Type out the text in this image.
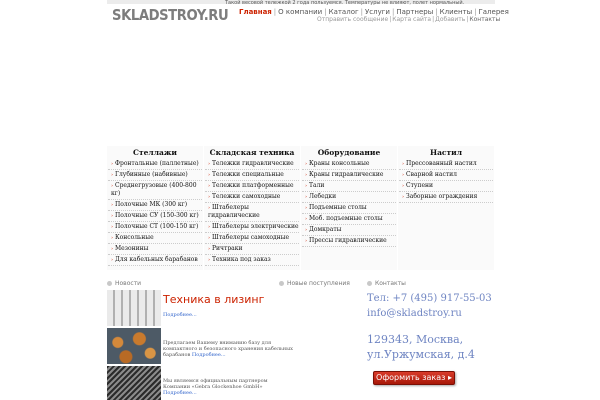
SKLADSTROY.RU
Такой весовой тележкой 2 года пользуемся. Температуры не влияют, полет нормальный.
Главная | О компании | Каталог | Услуги | Партнеры | Клиенты | Галерея
Отправить сообщение|Карта сайта|Добавить|Контакты
Стеллажи
› Фронтальные (паллетные)
› Глубинные (набивные)
› Среднегрузовые (400-800 кг)
› Полочные МК (300 кг)
› Полочные СУ (150-300 кг)
› Полочные СТ (100-150 кг)
› Консольные
› Мезонины
› Для кабельных барабанов
Складская техника
› Тележки гидравлические
› Тележки специальные
› Тележки платформенные
› Тележки самоходные
› Штабелеры гидравлические
› Штабелеры электрические
› Штабелеры самоходные
› Ричтраки
› Техника под заказ
Оборудование
› Краны консольные
› Краны гидравлические
› Тали
› Лебедки
› Подъемные столы
› Моб. подъемные столы
› Домкраты
› Прессы гидравлические
Настил
› Прессованный настил
› Сварной настил
› Ступени
› Заборные ограждения
Новости	Новые поступления	Контакты
Техника в лизинг
Подробнее...
Предлагаем Вашему вниманию базу для компактного и безопасного хранения кабельных барабанов Подробнее...
Мы являемся официальным партнером Компании «Gebra Glockenhoe GmbH» Подробнее...
Тел: +7 (495) 917-55-03
info@skladstroy.ru
129343, Москва,
ул.Уржумская, д.4
Оформить заказ ▸
